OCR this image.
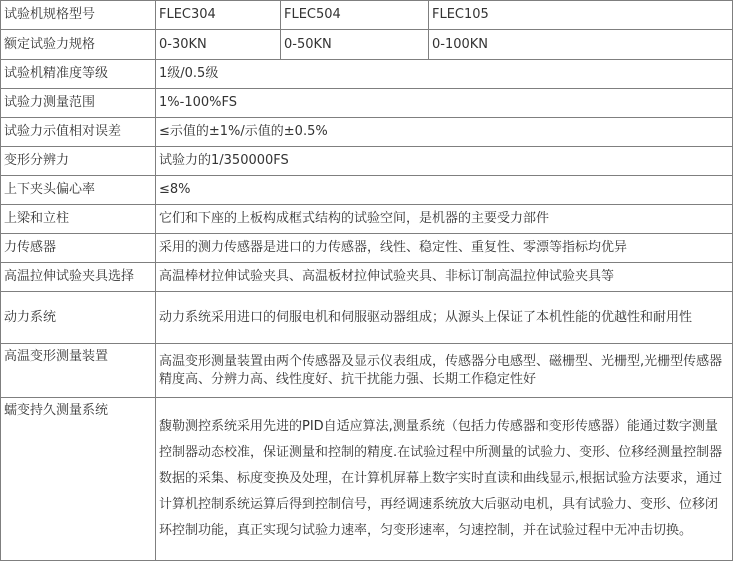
试验机规格型号	FLEC304	FLEC504	FLEC105
额定试验力规格	0-30KN	0-50KN	0-100KN
试验机精准度等级	1级/0.5级		
试验力测量范围	1%-100%FS		
试验力示值相对误差	≤示值的±1%/示值的±0.5%		
变形分辨力	试验力的1/350000FS		
上下夹头偏心率	≤8%		
上梁和立柱	它们和下座的上板构成框式结构的试验空间，是机器的主要受力部件		
力传感器	采用的测力传感器是进口的力传感器，线性、稳定性、重复性、零漂等指标均优异		
高温拉伸试验夹具选择	高温棒材拉伸试验夹具、高温板材拉伸试验夹具、非标订制高温拉伸试验夹具等		
动力系统	动力系统采用进口的伺服电机和伺服驱动器组成；从源头上保证了本机性能的优越性和耐用性		
高温变形测量装置	高温变形测量装置由两个传感器及显示仪表组成，传感器分电感型、磁栅型、光栅型,光栅型传感器精度高、分辨力高、线性度好、抗干扰能力强、长期工作稳定性好		
蠕变持久测量系统	馥勒测控系统采用先进的PID自适应算法,测量系统（包括力传感器和变形传感器）能通过数字测量控制器动态校准，保证测量和控制的精度.在试验过程中所测量的试验力、变形、位移经测量控制器数据的采集、标度变换及处理，在计算机屏幕上数字实时直读和曲线显示,根据试验方法要求，通过计算机控制系统运算后得到控制信号，再经调速系统放大后驱动电机，具有试验力、变形、位移闭环控制功能，真正实现匀试验力速率，匀变形速率，匀速控制，并在试验过程中无冲击切换。		
